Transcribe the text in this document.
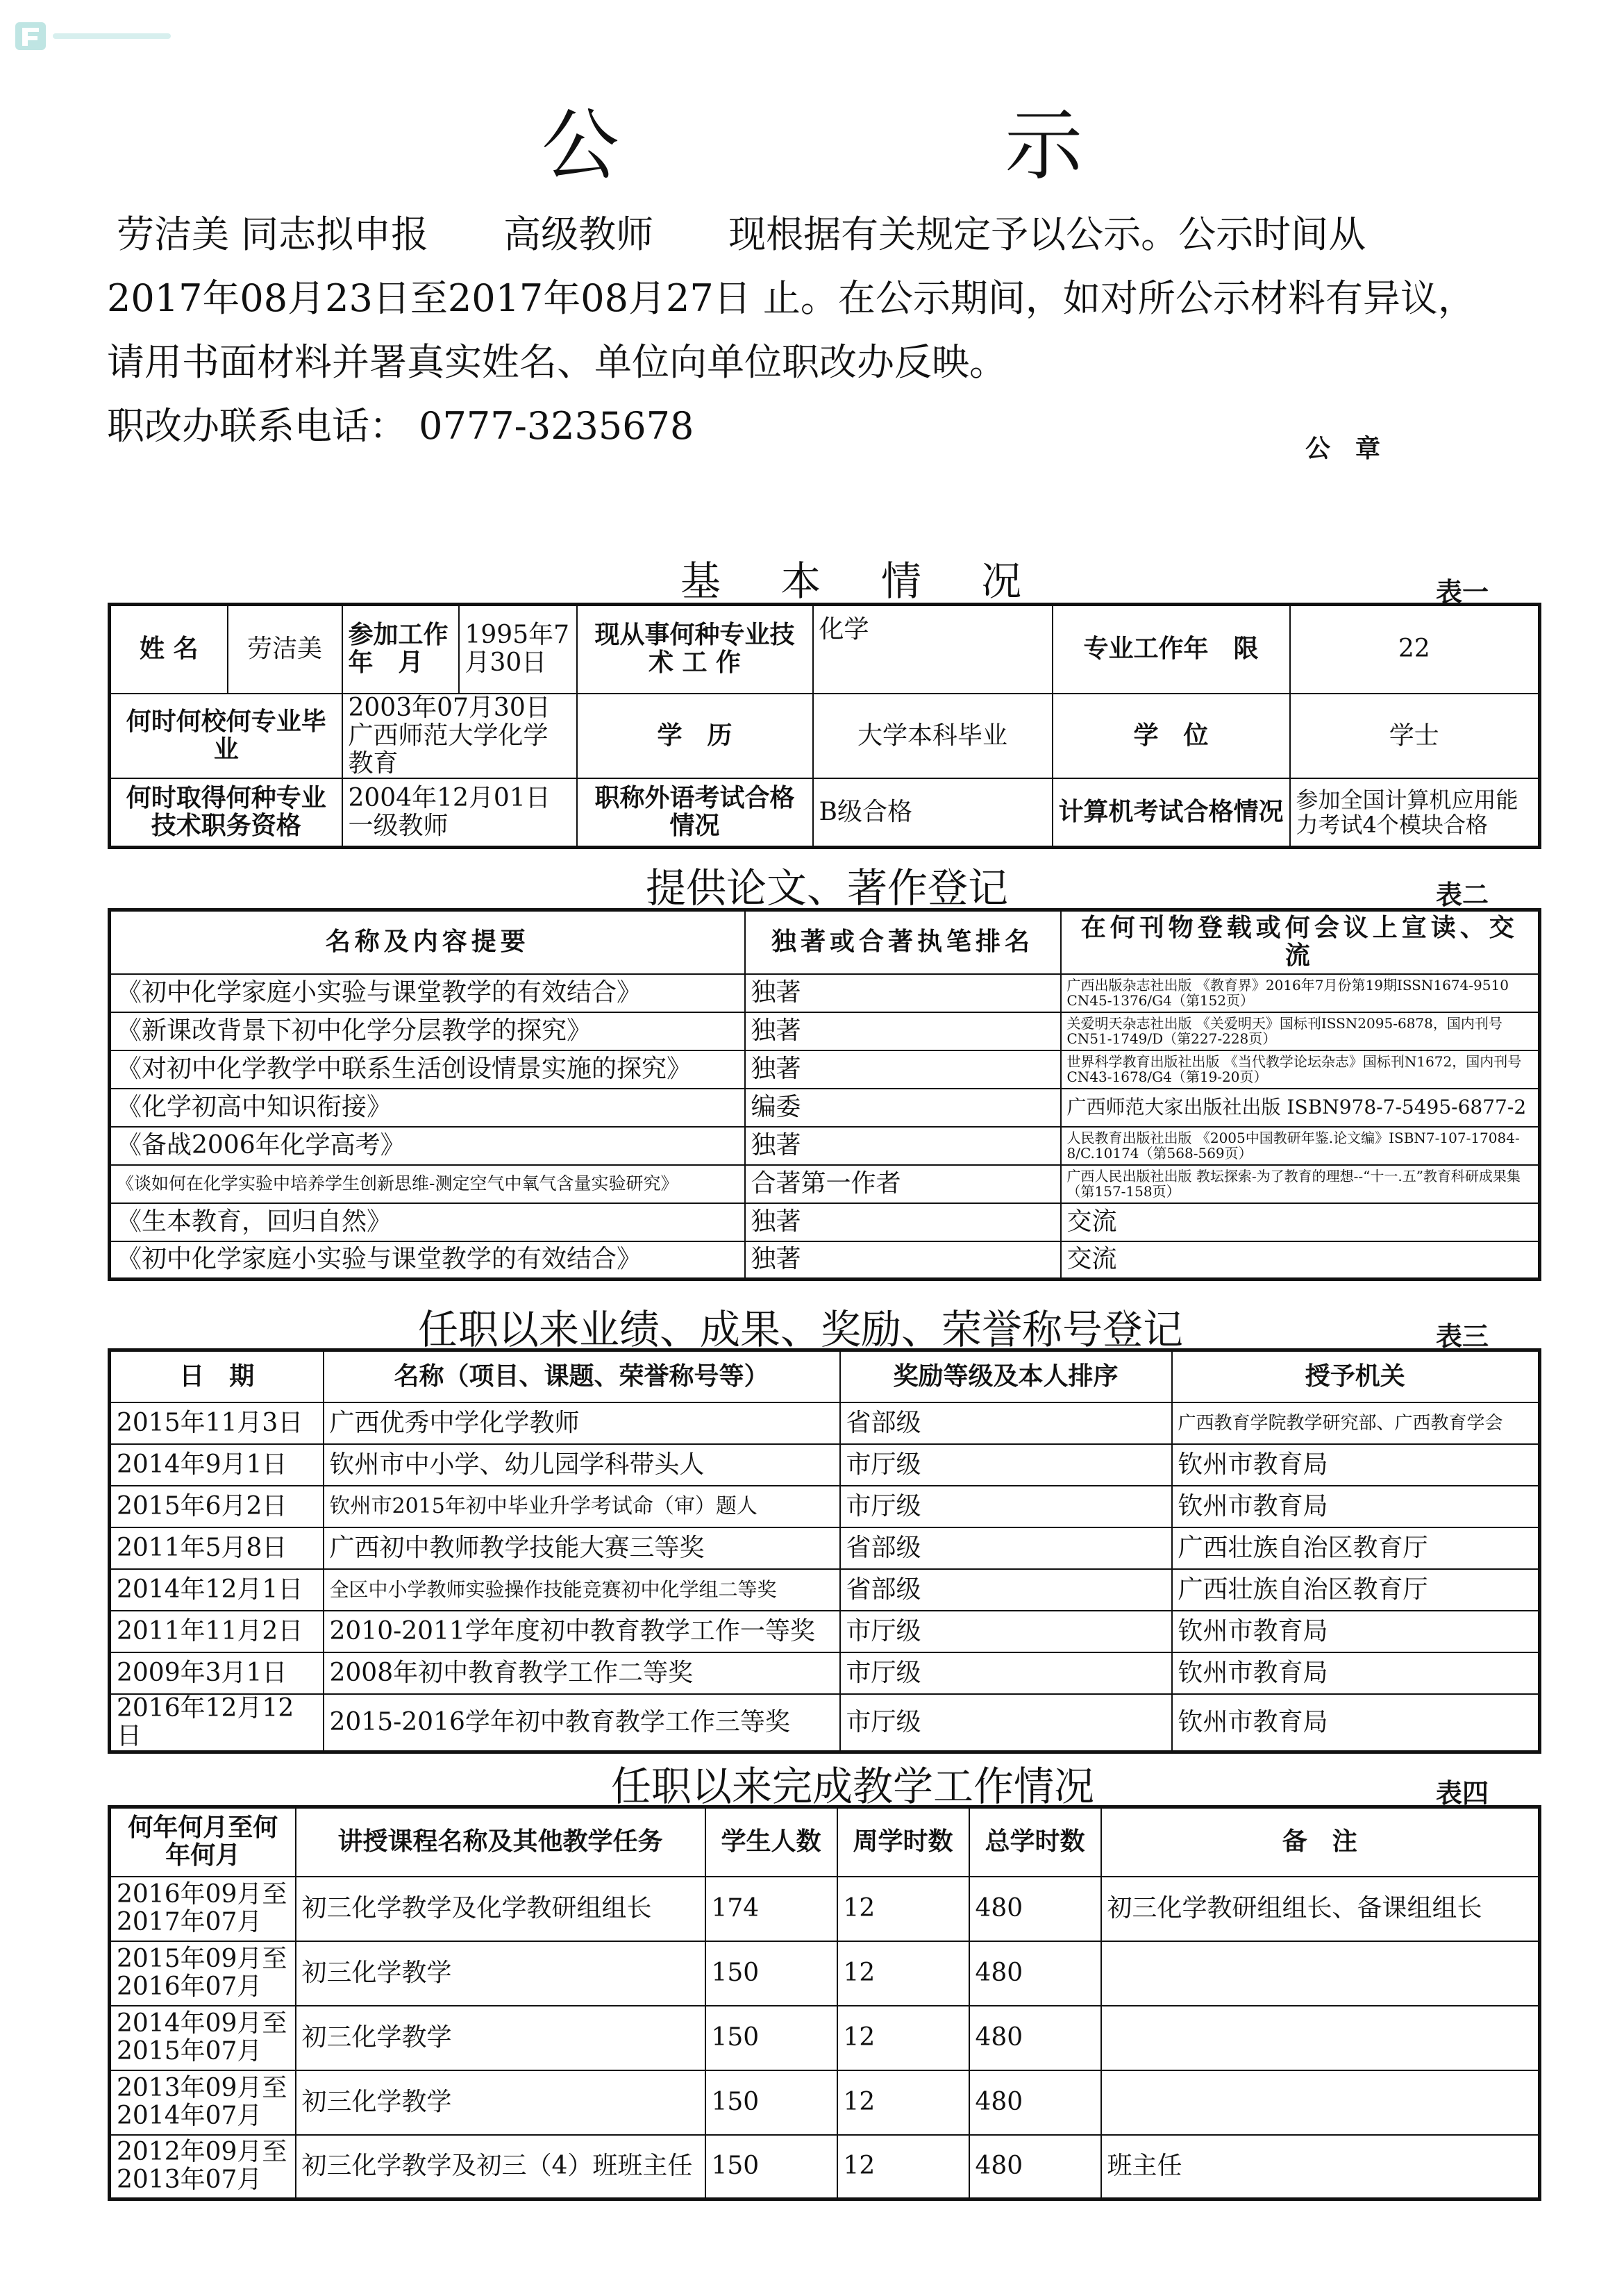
公 示
劳洁美 同志拟申报　　高级教师　　现根据有关规定予以公示。公示时间从
2017年08月23日至2017年08月27日 止。在公示期间，如对所公示材料有异议，
请用书面材料并署真实姓名、单位向单位职改办反映。
职改办联系电话： 0777-3235678
公　章
基 本 情 况	表一
姓 名	劳洁美	参加工作年　月	1995年7月30日	现从事何种专业技 术 工 作	化学	专业工作年　限	22
何时何校何专业毕　　业		2003年07月30日广西师范大学化学教育		学　历	大学本科毕业	学　位	学士
何时取得何种专业技术职务资格		2004年12月01日一级教师		职称外语考试合格情况	B级合格	计算机考试合格情况	参加全国计算机应用能力考试4个模块合格
提供论文、著作登记	表二
名称及内容提要	独著或合著执笔排名	在何刊物登载或何会议上宣读、交流
《初中化学家庭小实验与课堂教学的有效结合》	独著	广西出版杂志社出版 《教育界》2016年7月份第19期ISSN1674-9510 CN45-1376/G4（第152页）
《新课改背景下初中化学分层教学的探究》	独著	关爱明天杂志社出版 《关爱明天》国标刊ISSN2095-6878，国内刊号CN51-1749/D（第227-228页）
《对初中化学教学中联系生活创设情景实施的探究》	独著	世界科学教育出版社出版 《当代教学论坛杂志》国标刊N1672，国内刊号CN43-1678/G4（第19-20页）
《化学初高中知识衔接》	编委	广西师范大家出版社出版 ISBN978-7-5495-6877-2
《备战2006年化学高考》	独著	人民教育出版社出版 《2005中国教研年鉴.论文编》ISBN7-107-17084-8/C.10174（第568-569页）
《谈如何在化学实验中培养学生创新思维-测定空气中氧气含量实验研究》	合著第一作者	广西人民出版社出版 教坛探索-为了教育的理想--“十一.五”教育科研成果集（第157-158页）
《生本教育，回归自然》	独著	交流
《初中化学家庭小实验与课堂教学的有效结合》	独著	交流
任职以来业绩、成果、奖励、荣誉称号登记	表三
日　期	名称（项目、课题、荣誉称号等）	奖励等级及本人排序	授予机关
2015年11月3日	广西优秀中学化学教师	省部级	广西教育学院教学研究部、广西教育学会
2014年9月1日	钦州市中小学、幼儿园学科带头人	市厅级	钦州市教育局
2015年6月2日	钦州市2015年初中毕业升学考试命（审）题人	市厅级	钦州市教育局
2011年5月8日	广西初中教师教学技能大赛三等奖	省部级	广西壮族自治区教育厅
2014年12月1日	全区中小学教师实验操作技能竞赛初中化学组二等奖	省部级	广西壮族自治区教育厅
2011年11月2日	2010-2011学年度初中教育教学工作一等奖	市厅级	钦州市教育局
2009年3月1日	2008年初中教育教学工作二等奖	市厅级	钦州市教育局
2016年12月12日	2015-2016学年初中教育教学工作三等奖	市厅级	钦州市教育局
任职以来完成教学工作情况	表四
何年何月至何年何月	讲授课程名称及其他教学任务	学生人数	周学时数	总学时数	备　注
2016年09月至2017年07月	初三化学教学及化学教研组组长	174	12	480	初三化学教研组组长、备课组组长
2015年09月至2016年07月	初三化学教学	150	12	480	
2014年09月至2015年07月	初三化学教学	150	12	480	
2013年09月至2014年07月	初三化学教学	150	12	480	
2012年09月至2013年07月	初三化学教学及初三（4）班班主任	150	12	480	班主任
